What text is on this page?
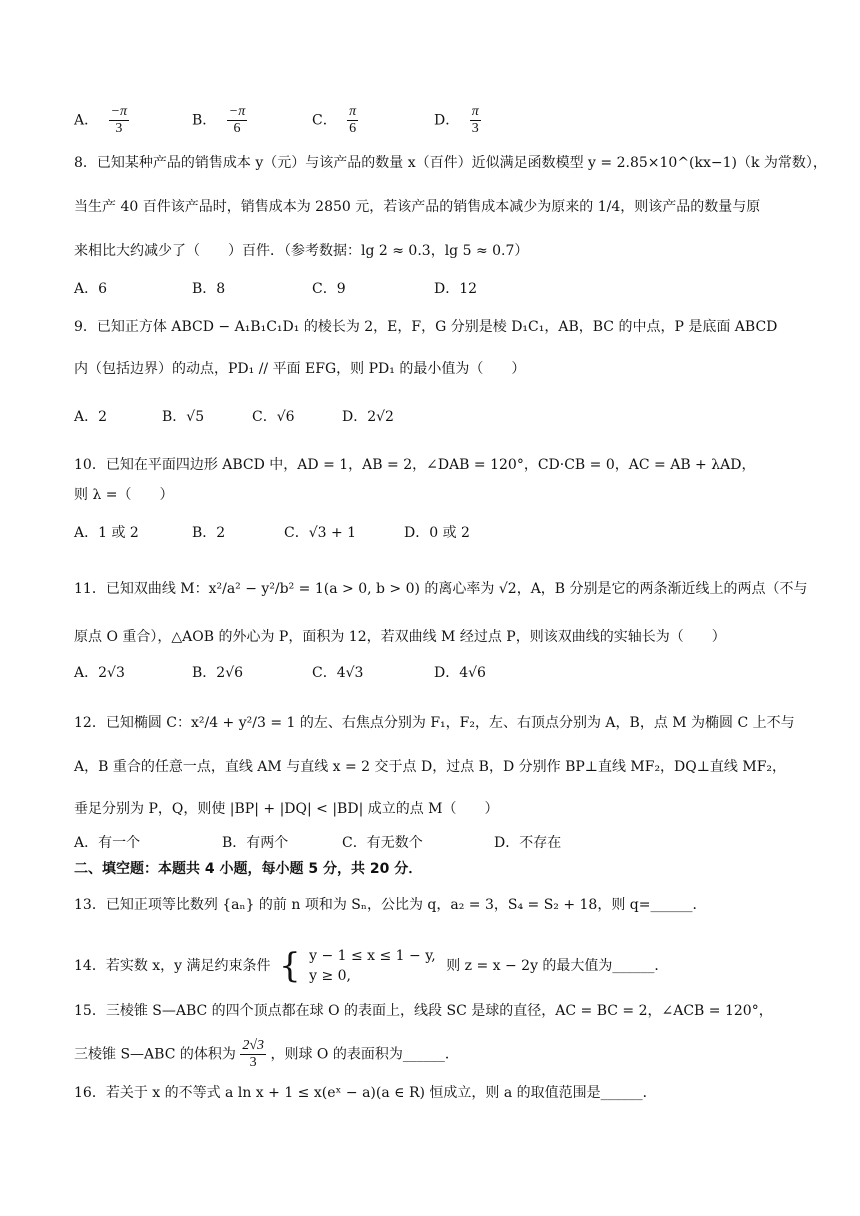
A． $\frac{-\pi}{3}$	B． $\frac{-\pi}{6}$	C． $\frac{\pi}{6}$	D． $\frac{\pi}{3}$
8．已知某种产品的销售成本 y（元）与该产品的数量 x（百件）近似满足函数模型 y = 2.85×10^(kx−1)（k 为常数），
当生产 40 百件该产品时，销售成本为 2850 元，若该产品的销售成本减少为原来的 1/4，则该产品的数量与原
来相比大约减少了（　　）百件．（参考数据：lg 2 ≈ 0.3，lg 5 ≈ 0.7）
A．6	B．8	C．9	D．12
9．已知正方体 ABCD − A₁B₁C₁D₁ 的棱长为 2，E，F，G 分别是棱 D₁C₁，AB，BC 的中点，P 是底面 ABCD
内（包括边界）的动点，PD₁ // 平面 EFG，则 PD₁ 的最小值为（　　）
A．2	B．√5	C．√6	D．2√2
10．已知在平面四边形 ABCD 中，AD = 1，AB = 2，∠DAB = 120°，CD·CB = 0，AC = AB + λAD，
则 λ =（　　）
A．1 或 2	B．2	C．√3 + 1	D．0 或 2
11．已知双曲线 M：x²/a² − y²/b² = 1(a > 0, b > 0) 的离心率为 √2，A，B 分别是它的两条渐近线上的两点（不与
原点 O 重合），△AOB 的外心为 P，面积为 12，若双曲线 M 经过点 P，则该双曲线的实轴长为（　　）
A．2√3	B．2√6	C．4√3	D．4√6
12．已知椭圆 C：x²/4 + y²/3 = 1 的左、右焦点分别为 F₁，F₂，左、右顶点分别为 A，B，点 M 为椭圆 C 上不与
A，B 重合的任意一点，直线 AM 与直线 x = 2 交于点 D，过点 B，D 分别作 BP⊥直线 MF₂，DQ⊥直线 MF₂，
垂足分别为 P，Q，则使 |BP| + |DQ| < |BD| 成立的点 M（　　）
A．有一个	B．有两个	C．有无数个	D．不存在
二、填空题：本题共 4 小题，每小题 5 分，共 20 分．
13．已知正项等比数列 {aₙ} 的前 n 项和为 Sₙ，公比为 q，a₂ = 3，S₄ = S₂ + 18，则 q=______．
14．若实数 x，y 满足约束条件 { y − 1 ≤ x ≤ 1 − y,
y ≥ 0,
则 z = x − 2y 的最大值为______．
15．三棱锥 S—ABC 的四个顶点都在球 O 的表面上，线段 SC 是球的直径，AC = BC = 2，∠ACB = 120°，
三棱锥 S—ABC 的体积为 $\frac{2√3}{3}$ ，则球 O 的表面积为______．
16．若关于 x 的不等式 a ln x + 1 ≤ x(eˣ − a)(a ∈ R) 恒成立，则 a 的取值范围是______．
